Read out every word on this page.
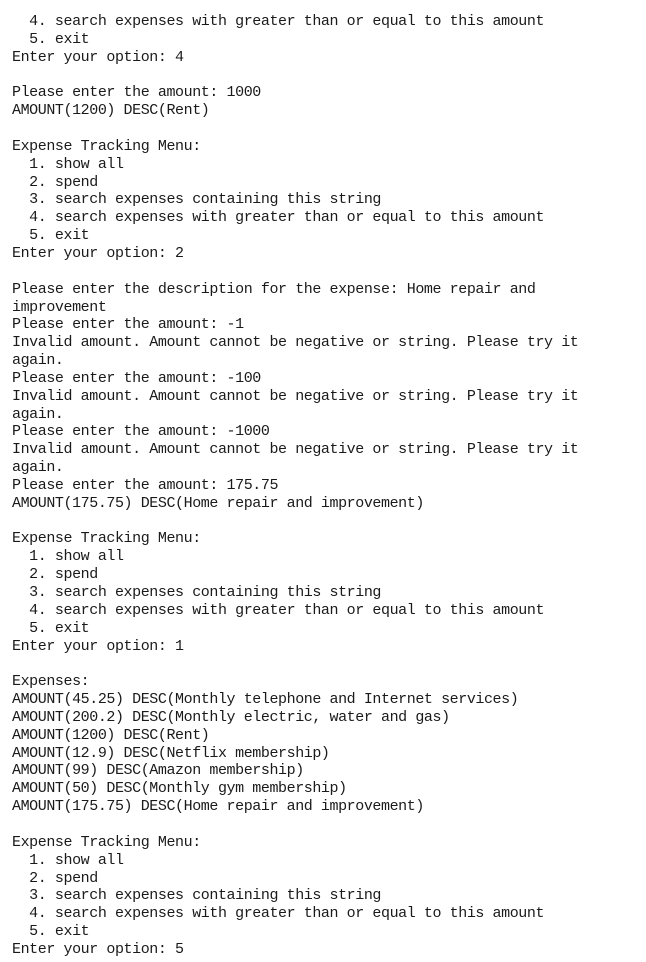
4. search expenses with greater than or equal to this amount
5. exit
Enter your option: 4
Please enter the amount: 1000
AMOUNT(1200) DESC(Rent)
Expense Tracking Menu:
1. show all
2. spend
3. search expenses containing this string
4. search expenses with greater than or equal to this amount
5. exit
Enter your option: 2
Please enter the description for the expense: Home repair and
improvement
Please enter the amount: -1
Invalid amount. Amount cannot be negative or string. Please try it
again.
Please enter the amount: -100
Invalid amount. Amount cannot be negative or string. Please try it
again.
Please enter the amount: -1000
Invalid amount. Amount cannot be negative or string. Please try it
again.
Please enter the amount: 175.75
AMOUNT(175.75) DESC(Home repair and improvement)
Expense Tracking Menu:
1. show all
2. spend
3. search expenses containing this string
4. search expenses with greater than or equal to this amount
5. exit
Enter your option: 1
Expenses:
AMOUNT(45.25) DESC(Monthly telephone and Internet services)
AMOUNT(200.2) DESC(Monthly electric, water and gas)
AMOUNT(1200) DESC(Rent)
AMOUNT(12.9) DESC(Netflix membership)
AMOUNT(99) DESC(Amazon membership)
AMOUNT(50) DESC(Monthly gym membership)
AMOUNT(175.75) DESC(Home repair and improvement)
Expense Tracking Menu:
1. show all
2. spend
3. search expenses containing this string
4. search expenses with greater than or equal to this amount
5. exit
Enter your option: 5
